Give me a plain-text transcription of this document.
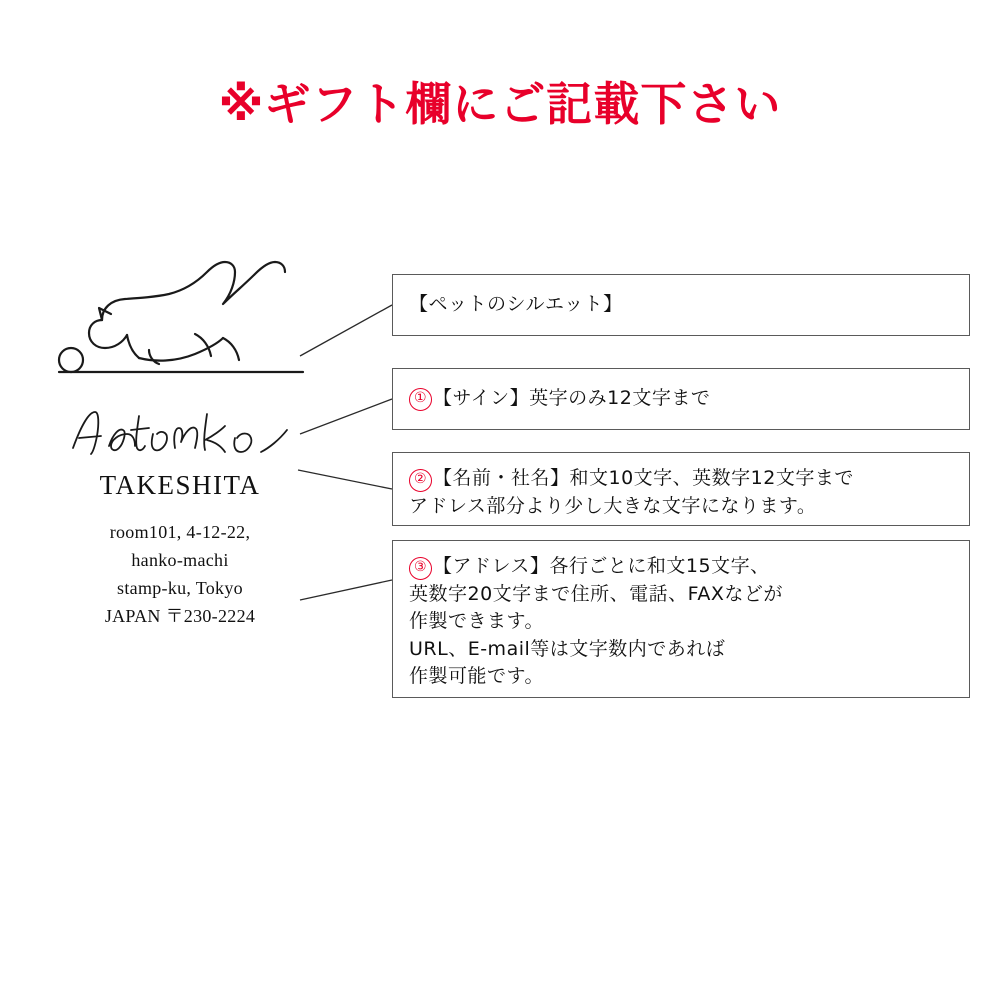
※ギフト欄にご記載下さい
TAKESHITA
room101, 4-12-22,
hanko-machi
stamp-ku, Tokyo
JAPAN 〒230-2224
【ペットのシルエット】
① 【サイン】英字のみ12文字まで
② 【名前・社名】和文10文字、英数字12文字まで
アドレス部分より少し大きな文字になります。
③ 【アドレス】各行ごとに和文15文字、
英数字20文字まで住所、電話、FAXなどが
作製できます。
URL、E-mail等は文字数内であれば
作製可能です。
